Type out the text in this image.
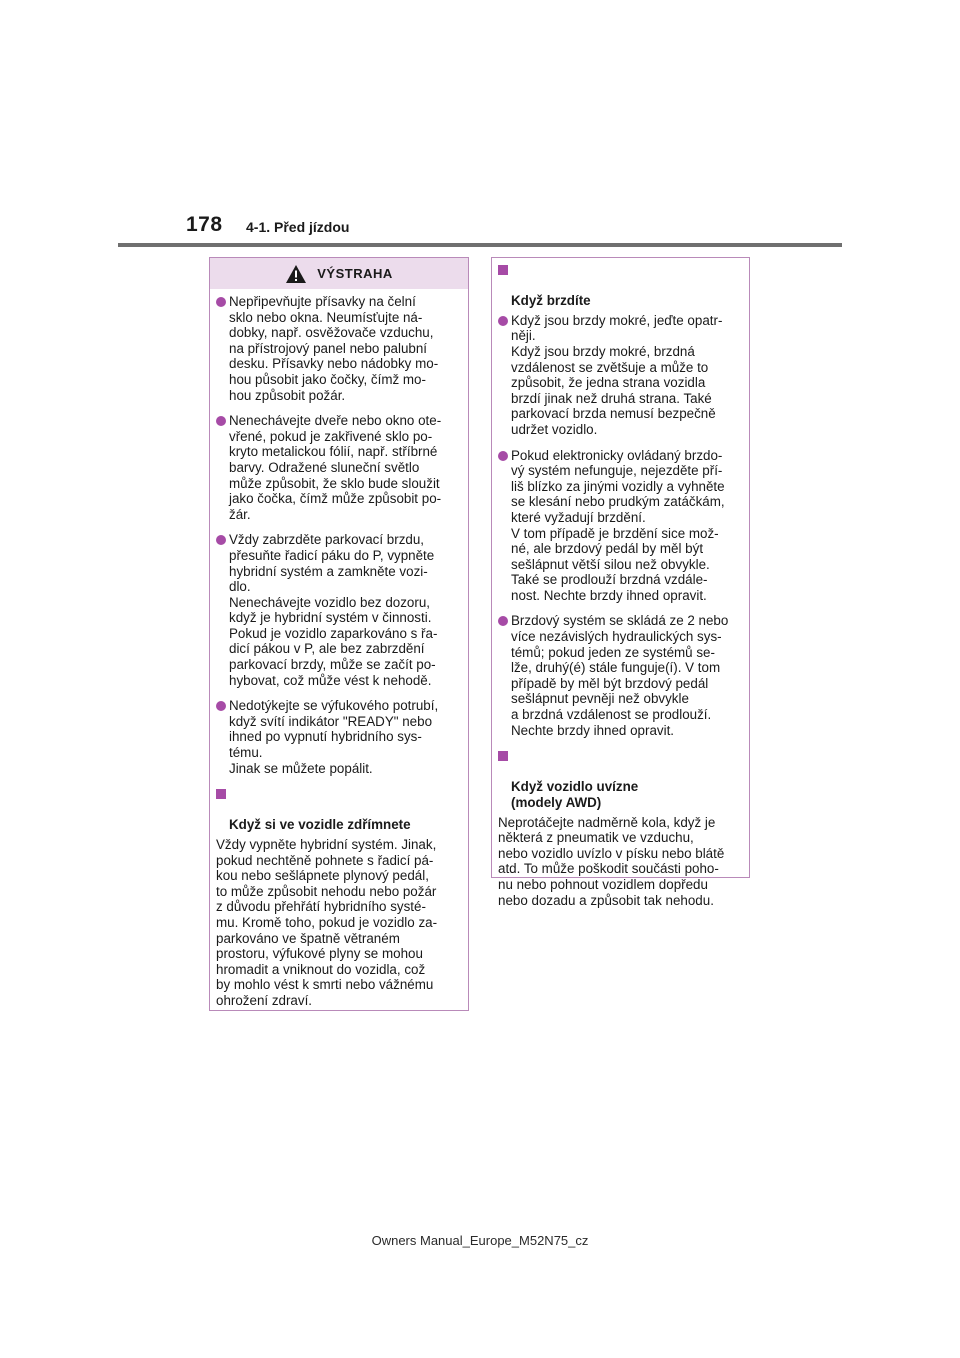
178 4-1. Před jízdou
VÝSTRAHA
Nepřipevňujte přísavky na čelní
sklo nebo okna. Neumísťujte ná-
dobky, např. osvěžovače vzduchu,
na přístrojový panel nebo palubní
desku. Přísavky nebo nádobky mo-
hou působit jako čočky, čímž mo-
hou způsobit požár.
Nenechávejte dveře nebo okno ote-
vřené, pokud je zakřivené sklo po-
kryto metalickou fólií, např. stříbrné
barvy. Odražené sluneční světlo
může způsobit, že sklo bude sloužit
jako čočka, čímž může způsobit po-
žár.
Vždy zabrzděte parkovací brzdu,
přesuňte řadicí páku do P, vypněte
hybridní systém a zamkněte vozi-
dlo.
Nenechávejte vozidlo bez dozoru,
když je hybridní systém v činnosti.
Pokud je vozidlo zaparkováno s řa-
dicí pákou v P, ale bez zabrzdění
parkovací brzdy, může se začít po-
hybovat, což může vést k nehodě.
Nedotýkejte se výfukového potrubí,
když svítí indikátor "READY" nebo
ihned po vypnutí hybridního sys-
tému.
Jinak se můžete popálit.

Když si ve vozidle zdřímnete

Vždy vypněte hybridní systém. Jinak,
pokud nechtěně pohnete s řadicí pá-
kou nebo sešlápnete plynový pedál,
to může způsobit nehodu nebo požár
z důvodu přehřátí hybridního systé-
mu. Kromě toho, pokud je vozidlo za-
parkováno ve špatně větraném
prostoru, výfukové plyny se mohou
hromadit a vniknout do vozidla, což
by mohlo vést k smrti nebo vážnému
ohrožení zdraví.

Když brzdíte

Když jsou brzdy mokré, jeďte opatr-
něji.
Když jsou brzdy mokré, brzdná
vzdálenost se zvětšuje a může to
způsobit, že jedna strana vozidla
brzdí jinak než druhá strana. Také
parkovací brzda nemusí bezpečně
udržet vozidlo.
Pokud elektronicky ovládaný brzdo-
vý systém nefunguje, nejezděte pří-
liš blízko za jinými vozidly a vyhněte
se klesání nebo prudkým zatáčkám,
které vyžadují brzdění.
V tom případě je brzdění sice mož-
né, ale brzdový pedál by měl být
sešlápnut větší silou než obvykle.
Také se prodlouží brzdná vzdále-
nost. Nechte brzdy ihned opravit.
Brzdový systém se skládá ze 2 nebo
více nezávislých hydraulických sys-
témů; pokud jeden ze systémů se-
lže, druhý(é) stále funguje(í). V tom
případě by měl být brzdový pedál
sešlápnut pevněji než obvykle
a brzdná vzdálenost se prodlouží.
Nechte brzdy ihned opravit.

Když vozidlo uvízne
(modely AWD)

Neprotáčejte nadměrně kola, když je
některá z pneumatik ve vzduchu,
nebo vozidlo uvízlo v písku nebo blátě
atd. To může poškodit součásti poho-
nu nebo pohnout vozidlem dopředu
nebo dozadu a způsobit tak nehodu.
Owners Manual_Europe_M52N75_cz
